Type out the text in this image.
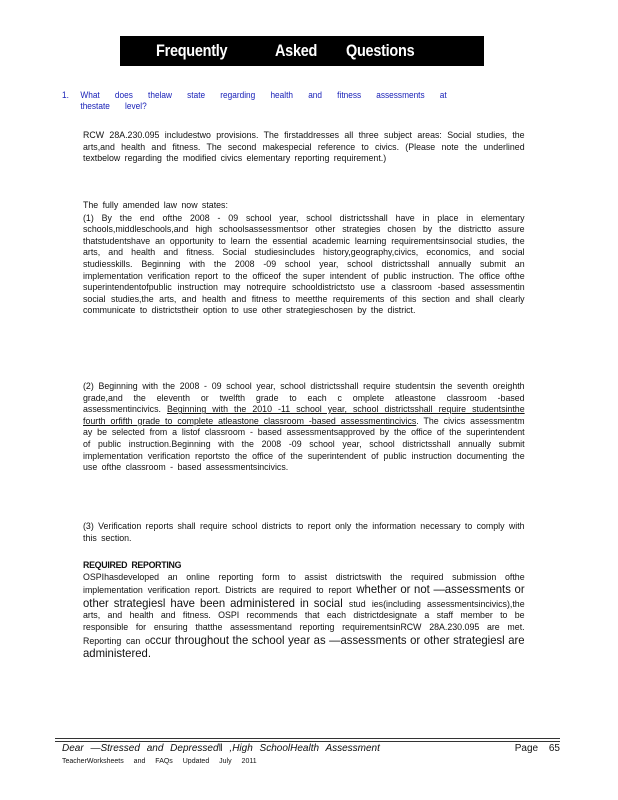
Frequently	Asked Questions
1. What does thelaw state regarding health and fitness assessments at thestate level?
RCW 28A.230.095 includestwo provisions. The firstaddresses all three subject areas: Social studies, the arts,and health and fitness. The second makespecial reference to civics. (Please note the underlined textbelow regarding the modified civics elementary reporting requirement.)
The fully amended law now states:
(1) By the end ofthe 2008 - 09 school year, school districtsshall have in place in elementary schools,middleschools,and high schoolsassessmentsor other strategies chosen by the districtto assure thatstudentshave an opportunity to learn the essential academic learning requirementsinsocial studies, the arts, and health and fitness. Social studiesincludes history,geography,civics, economics, and social studiesskills. Beginning with the 2008 -09 school year, school districtsshall annually submit an implementation verification report to the officeof the super intendent of public instruction. The office ofthe superintendentofpublic instruction may notrequire schooldistrictsto use a classroom -based assessmentin social studies,the arts, and health and fitness to meetthe requirements of this section and shall clearly communicate to districtstheir option to use other strategieschosen by the district.
(2) Beginning with the 2008 - 09 school year, school districtsshall require studentsin the seventh oreighth grade,and the eleventh or twelfth grade to each c omplete atleastone classroom -based assessmentincivics. Beginning with the 2010 -11 school year, school districtsshall require studentsinthe fourth orfifth grade to complete atleastone classroom -based assessmentincivics. The civics assessmentm ay be selected from a listof classroom - based assessmentsapproved by the office of the superintendent of public instruction.Beginning with the 2008 -09 school year, school districtsshall annually submit implementation verification reportsto the office of the superintendent of public instruction documenting the use ofthe classroom - based assessmentsincivics.
(3) Verification reports shall require school districts to report only the information necessary to comply with this section.
REQUIRED REPORTING
OSPIhasdeveloped an online reporting form to assist districtswith the required submission ofthe implementation verification report. Districts are required to report whether or not —assessments or other strategiesl have been administered in social stud ies(including assessmentsincivics),the arts, and health and fitness. OSPI recommends that each districtdesignate a staff member to be responsible for ensuring thatthe assessmentand reporting requirementsinRCW 28A.230.095 are met. Reporting can occur throughout the school year as —assessments or other strategiesl are administered.
Dear —Stressed and Depressed‖ ,High SchoolHealth Assessment	Page 65
TeacherWorksheets and FAQs Updated July 2011
